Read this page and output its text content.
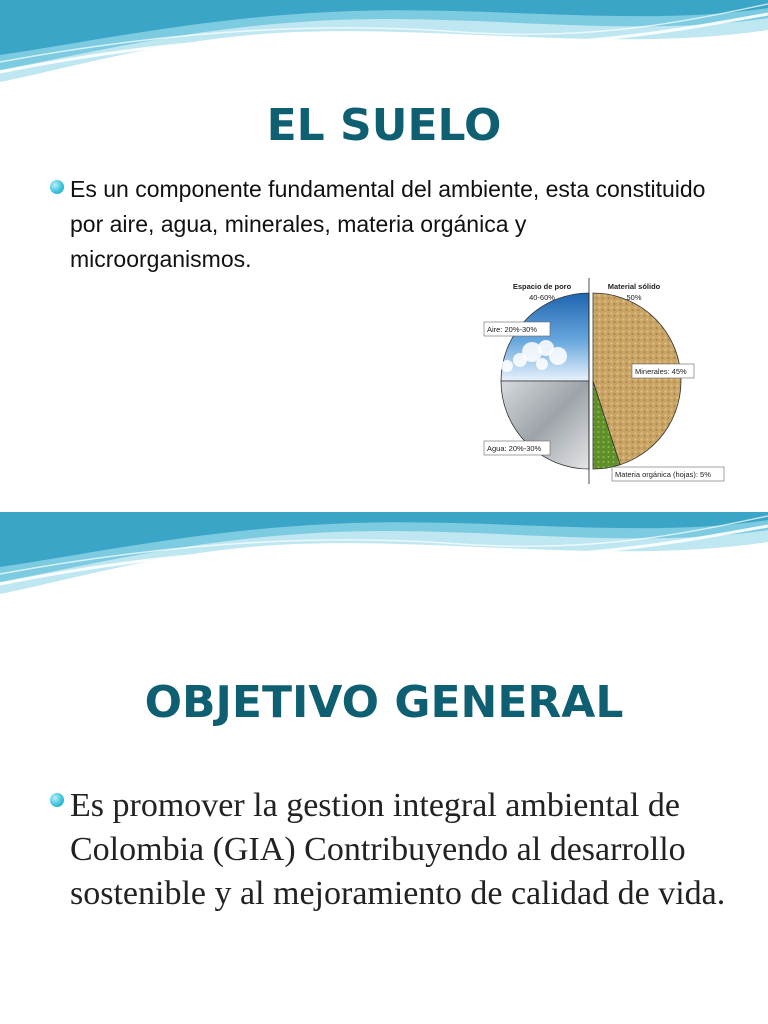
EL SUELO

Es un componente fundamental del ambiente, esta constituido por aire, agua, minerales, materia orgánica y microorganismos.

Espacio de poro
40-60%
Material sólido
50%
Aire: 20%-30%
Agua: 20%-30%
Minerales: 45%
Materia orgánica (hojas): 5%
OBJETIVO GENERAL

Es promover la gestion integral ambiental de Colombia (GIA) Contribuyendo al desarrollo sostenible y al mejoramiento de calidad de vida.
